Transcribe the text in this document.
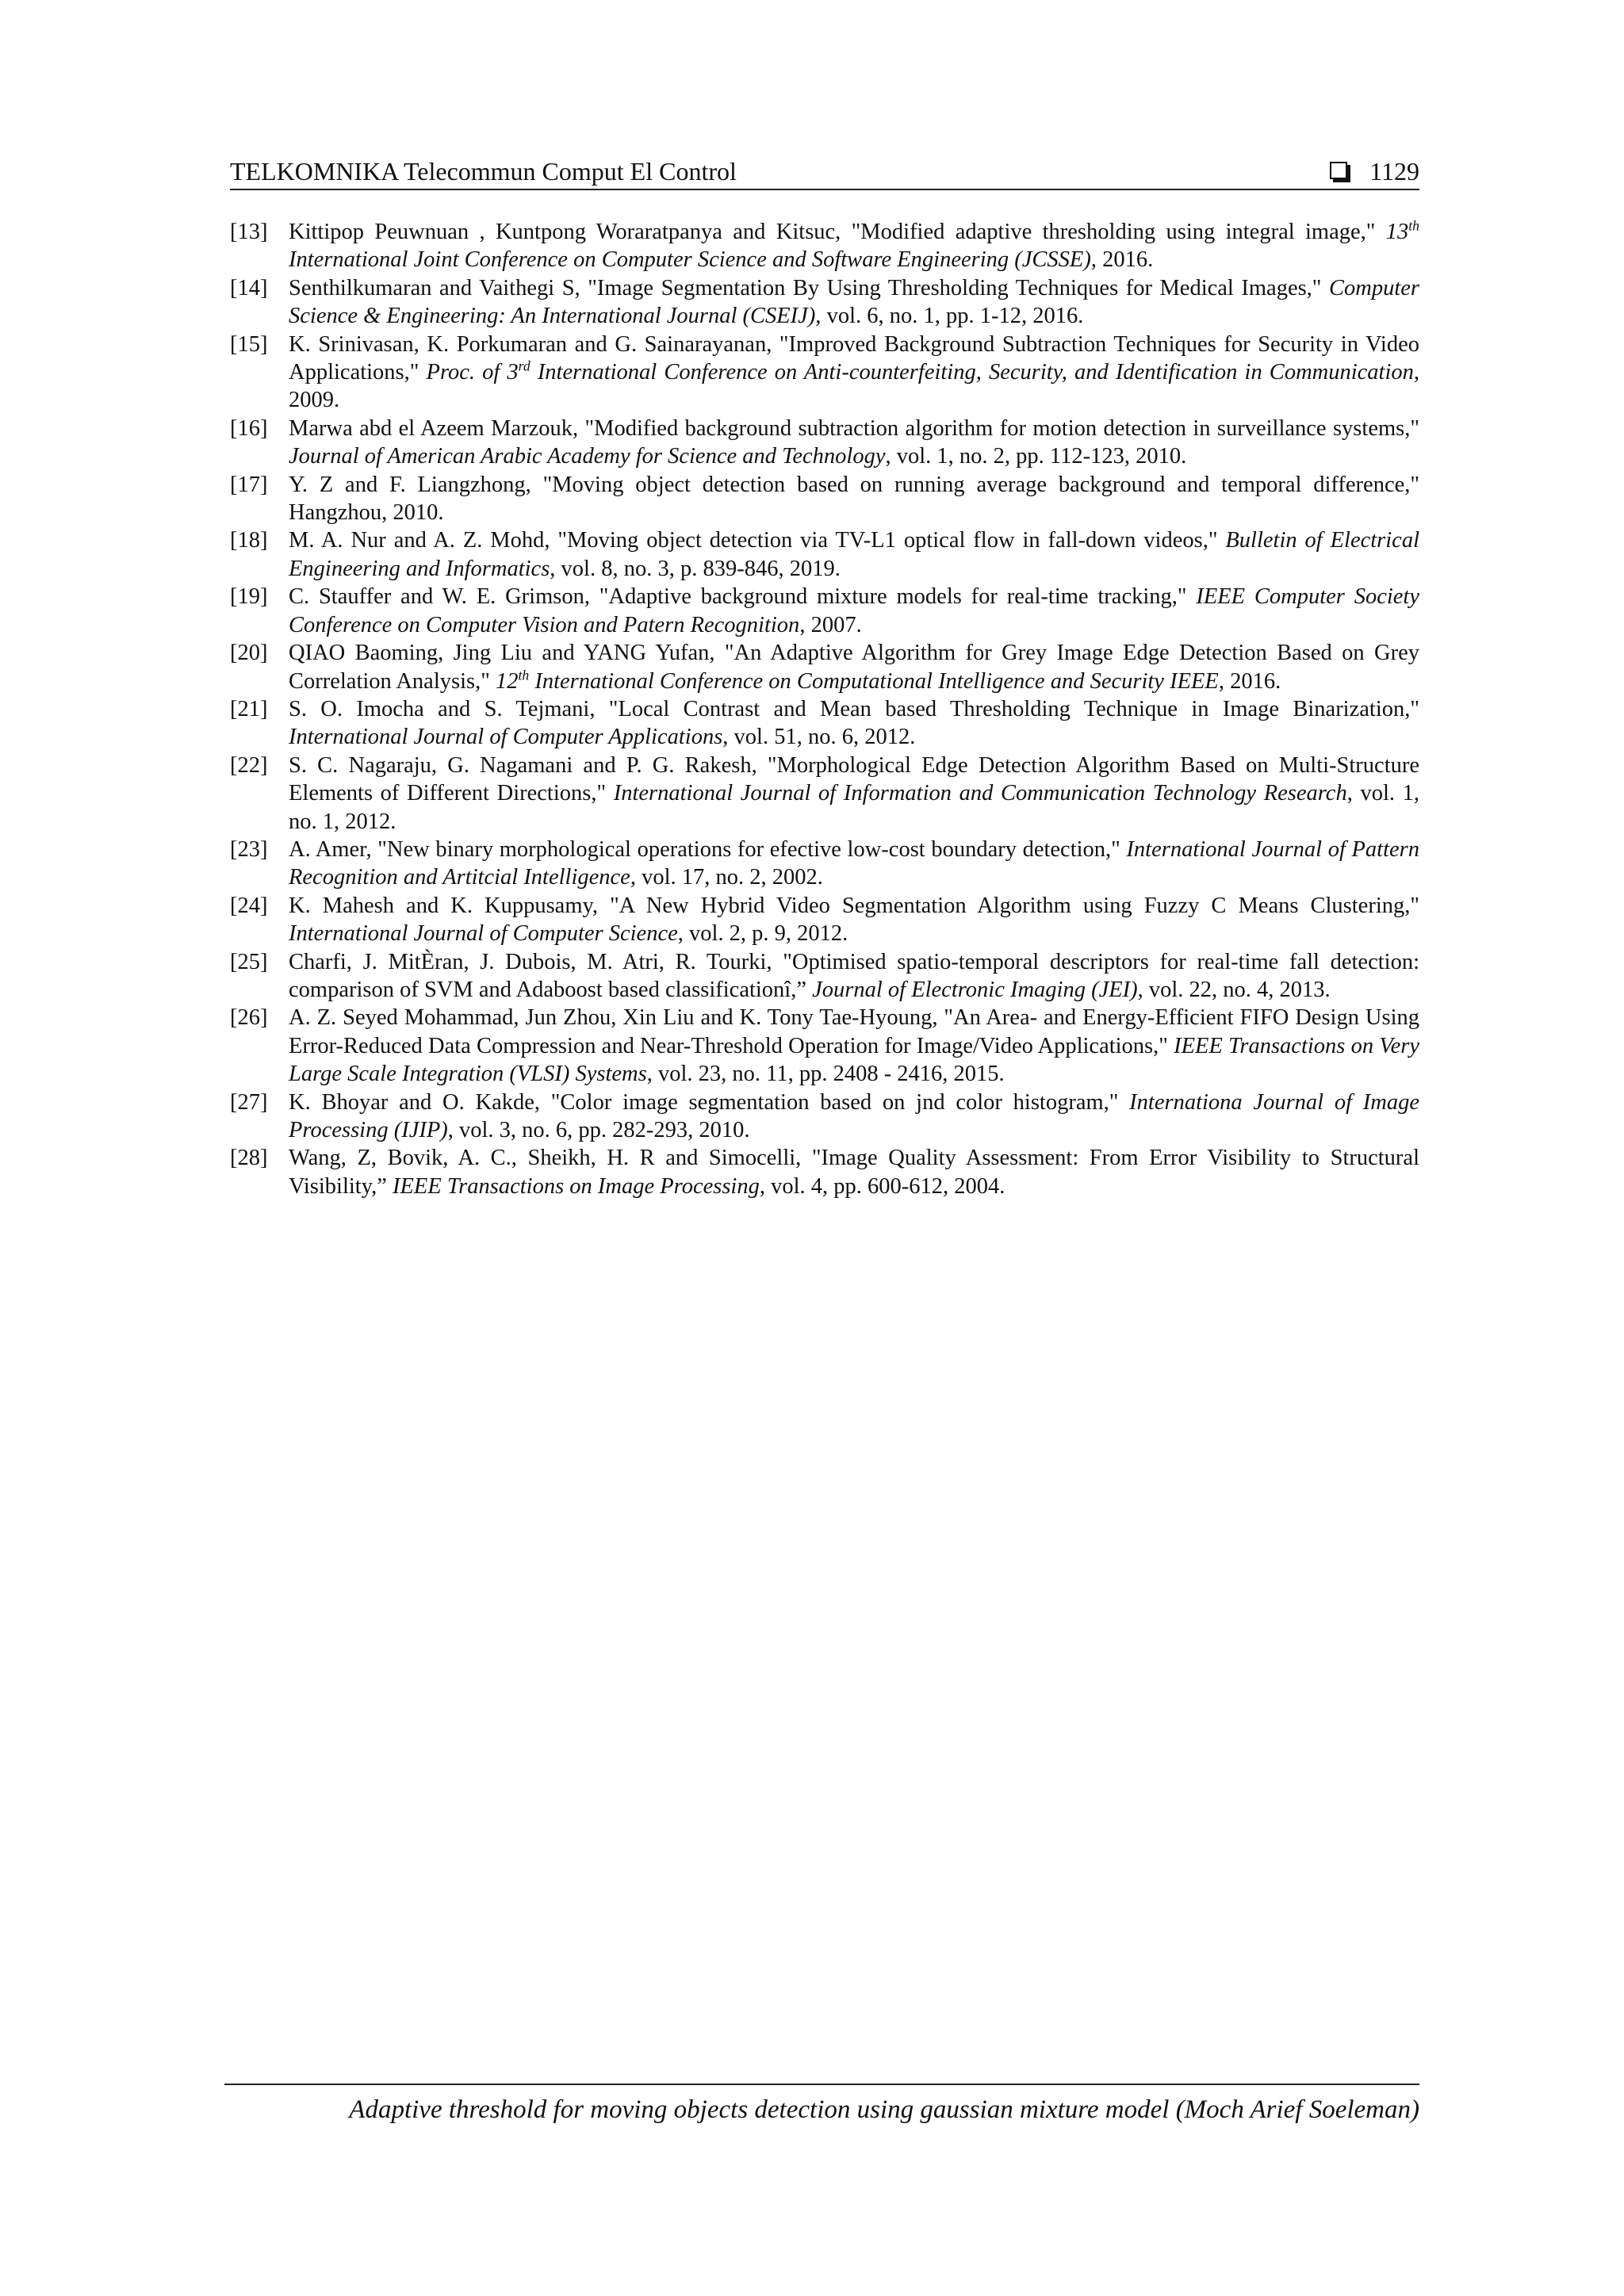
TELKOMNIKA Telecommun Comput El Control	1129
[13] Kittipop Peuwnuan , Kuntpong Woraratpanya and Kitsuc, "Modified adaptive thresholding using integral image," 13th International Joint Conference on Computer Science and Software Engineering (JCSSE), 2016.
[14] Senthilkumaran and Vaithegi S, "Image Segmentation By Using Thresholding Techniques for Medical Images," Computer Science & Engineering: An International Journal (CSEIJ), vol. 6, no. 1, pp. 1-12, 2016.
[15] K. Srinivasan, K. Porkumaran and G. Sainarayanan, "Improved Background Subtraction Techniques for Security in Video Applications," Proc. of 3rd International Conference on Anti-counterfeiting, Security, and Identification in Communication, 2009.
[16] Marwa abd el Azeem Marzouk, "Modified background subtraction algorithm for motion detection in surveillance systems," Journal of American Arabic Academy for Science and Technology, vol. 1, no. 2, pp. 112-123, 2010.
[17] Y. Z and F. Liangzhong, "Moving object detection based on running average background and temporal difference," Hangzhou, 2010.
[18] M. A. Nur and A. Z. Mohd, "Moving object detection via TV-L1 optical flow in fall-down videos," Bulletin of Electrical Engineering and Informatics, vol. 8, no. 3, p. 839-846, 2019.
[19] C. Stauffer and W. E. Grimson, "Adaptive background mixture models for real-time tracking," IEEE Computer Society Conference on Computer Vision and Patern Recognition, 2007.
[20] QIAO Baoming, Jing Liu and YANG Yufan, "An Adaptive Algorithm for Grey Image Edge Detection Based on Grey Correlation Analysis," 12th International Conference on Computational Intelligence and Security IEEE, 2016.
[21] S. O. Imocha and S. Tejmani, "Local Contrast and Mean based Thresholding Technique in Image Binarization," International Journal of Computer Applications, vol. 51, no. 6, 2012.
[22] S. C. Nagaraju, G. Nagamani and P. G. Rakesh, "Morphological Edge Detection Algorithm Based on Multi-Structure Elements of Different Directions," International Journal of Information and Communication Technology Research, vol. 1, no. 1, 2012.
[23] A. Amer, "New binary morphological operations for efective low-cost boundary detection," International Journal of Pattern Recognition and Artitcial Intelligence, vol. 17, no. 2, 2002.
[24] K. Mahesh and K. Kuppusamy, "A New Hybrid Video Segmentation Algorithm using Fuzzy C Means Clustering," International Journal of Computer Science, vol. 2, p. 9, 2012.
[25] Charfi, J. MitÈran, J. Dubois, M. Atri, R. Tourki, "Optimised spatio-temporal descriptors for real-time fall detection: comparison of SVM and Adaboost based classificationî,” Journal of Electronic Imaging (JEI), vol. 22, no. 4, 2013.
[26] A. Z. Seyed Mohammad, Jun Zhou, Xin Liu and K. Tony Tae-Hyoung, "An Area- and Energy-Efficient FIFO Design Using Error-Reduced Data Compression and Near-Threshold Operation for Image/Video Applications," IEEE Transactions on Very Large Scale Integration (VLSI) Systems, vol. 23, no. 11, pp. 2408 - 2416, 2015.
[27] K. Bhoyar and O. Kakde, "Color image segmentation based on jnd color histogram," Internationa Journal of Image Processing (IJIP), vol. 3, no. 6, pp. 282-293, 2010.
[28] Wang, Z, Bovik, A. C., Sheikh, H. R and Simocelli, "Image Quality Assessment: From Error Visibility to Structural Visibility,” IEEE Transactions on Image Processing, vol. 4, pp. 600-612, 2004.
Adaptive threshold for moving objects detection using gaussian mixture model (Moch Arief Soeleman)
